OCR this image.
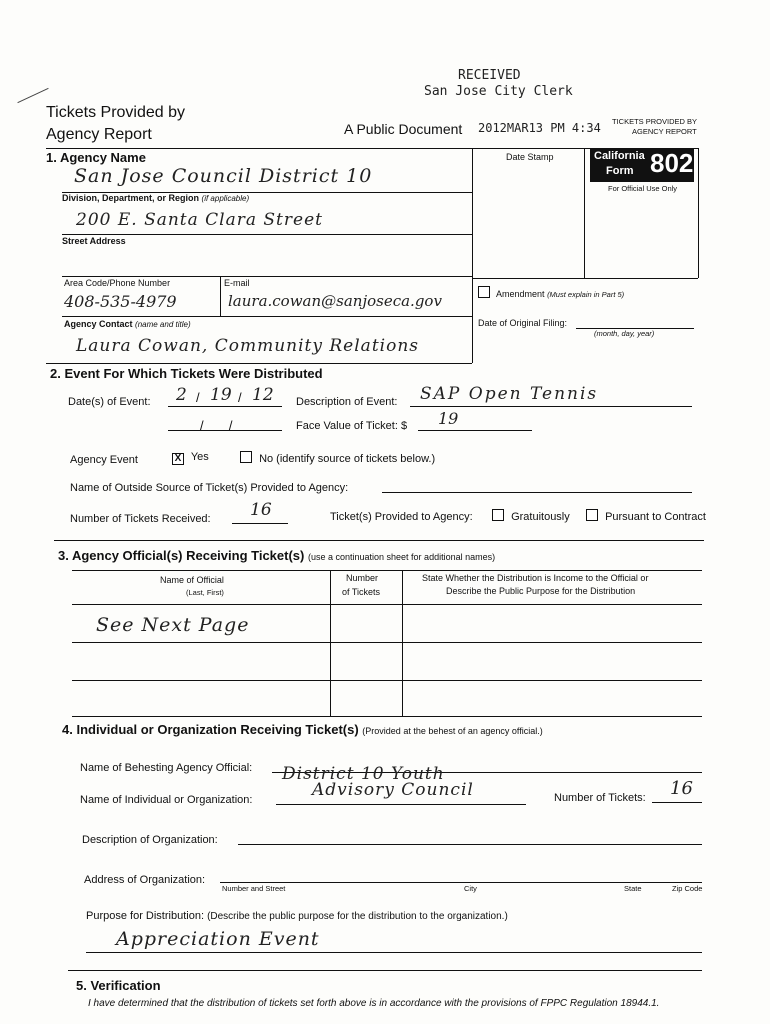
RECEIVED
San Jose City Clerk
Tickets Provided by
Agency Report	A Public Document 2012MAR13 PM 4:34 TICKETS PROVIDED BY
AGENCY REPORT
Date Stamp	California
Form 802
For Official Use Only
1. Agency Name
San Jose Council District 10
Division, Department, or Region (if applicable)
200 E. Santa Clara Street
Street Address
Area Code/Phone Number	E-mail
408-535-4979	laura.cowan@sanjoseca.gov
Agency Contact (name and title)
Laura Cowan, Community Relations
Amendment (Must explain in Part 5)
Date of Original Filing:
(month, day, year)
2. Event For Which Tickets Were Distributed
Date(s) of Event: 2 / 19 / 12 Description of Event: SAP Open Tennis
/       /	Face Value of Ticket: $ 19
Agency Event	X Yes	No (identify source of tickets below.)
Name of Outside Source of Ticket(s) Provided to Agency:
Number of Tickets Received: 16	Ticket(s) Provided to Agency:	Gratuitously	Pursuant to Contract
3. Agency Official(s) Receiving Ticket(s) (use a continuation sheet for additional names)
Name of Official
(Last, First)
Number
of Tickets
State Whether the Distribution is Income to the Official or
Describe the Public Purpose for the Distribution
See Next Page
4. Individual or Organization Receiving Ticket(s) (Provided at the behest of an agency official.)
Name of Behesting Agency Official: District 10 Youth
Name of Individual or Organization:	Advisory Council	Number of Tickets: 16
Description of Organization:
Address of Organization:
Number and Street	City	State	Zip Code
Purpose for Distribution: (Describe the public purpose for the distribution to the organization.)
Appreciation Event
5. Verification
I have determined that the distribution of tickets set forth above is in accordance with the provisions of FPPC Regulation 18944.1.
